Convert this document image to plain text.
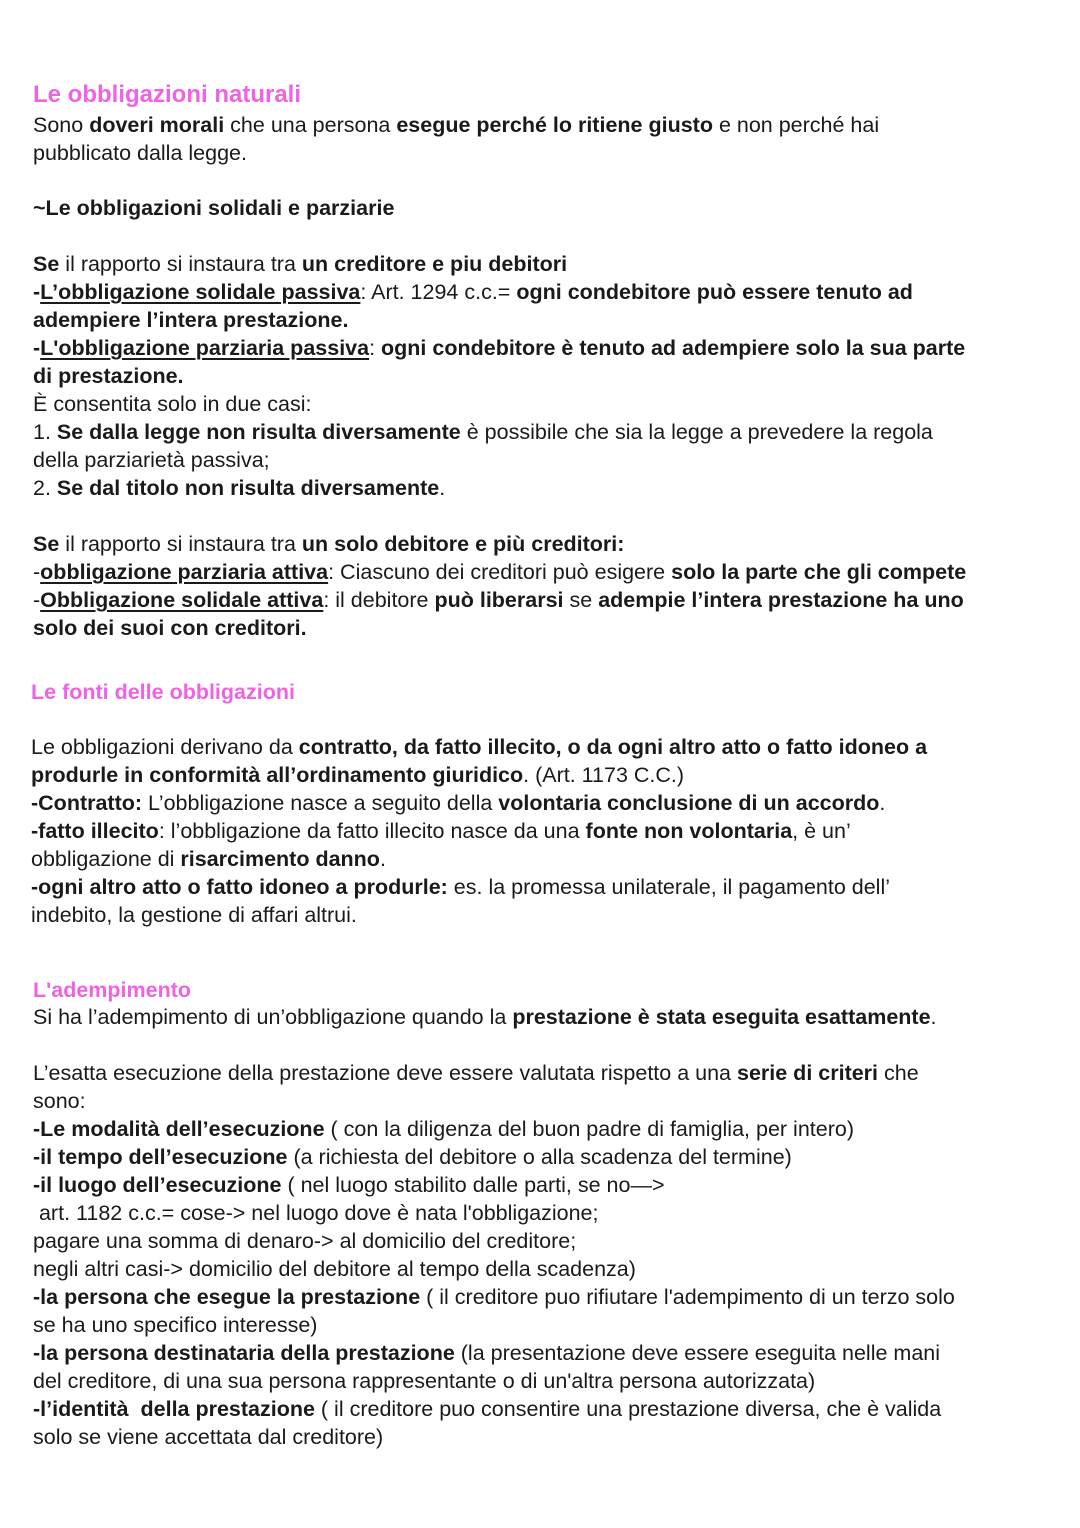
Le obbligazioni naturali
Sono doveri morali che una persona esegue perché lo ritiene giusto e non perché hai
pubblicato dalla legge.
~Le obbligazioni solidali e parziarie
Se il rapporto si instaura tra un creditore e piu debitori
-L’obbligazione solidale passiva: Art. 1294 c.c.= ogni condebitore può essere tenuto ad
adempiere l’intera prestazione.
-L'obbligazione parziaria passiva: ogni condebitore è tenuto ad adempiere solo la sua parte
di prestazione.
È consentita solo in due casi:
1. Se dalla legge non risulta diversamente è possibile che sia la legge a prevedere la regola
della parziarietà passiva;
2. Se dal titolo non risulta diversamente.
Se il rapporto si instaura tra un solo debitore e più creditori:
-obbligazione parziaria attiva: Ciascuno dei creditori può esigere solo la parte che gli compete
-Obbligazione solidale attiva: il debitore può liberarsi se adempie l’intera prestazione ha uno
solo dei suoi con creditori.
Le fonti delle obbligazioni
Le obbligazioni derivano da contratto, da fatto illecito, o da ogni altro atto o fatto idoneo a
produrle in conformità all’ordinamento giuridico. (Art. 1173 C.C.)
-Contratto: L’obbligazione nasce a seguito della volontaria conclusione di un accordo.
-fatto illecito: l’obbligazione da fatto illecito nasce da una fonte non volontaria, è un’
obbligazione di risarcimento danno.
-ogni altro atto o fatto idoneo a produrle: es. la promessa unilaterale, il pagamento dell’
indebito, la gestione di affari altrui.
L'adempimento
Si ha l’adempimento di un’obbligazione quando la prestazione è stata eseguita esattamente.
L’esatta esecuzione della prestazione deve essere valutata rispetto a una serie di criteri che
sono:
-Le modalità dell’esecuzione ( con la diligenza del buon padre di famiglia, per intero)
-il tempo dell’esecuzione (a richiesta del debitore o alla scadenza del termine)
-il luogo dell’esecuzione ( nel luogo stabilito dalle parti, se no—>
art. 1182 c.c.= cose-> nel luogo dove è nata l'obbligazione;
pagare una somma di denaro-> al domicilio del creditore;
negli altri casi-> domicilio del debitore al tempo della scadenza)
-la persona che esegue la prestazione ( il creditore puo rifiutare l'adempimento di un terzo solo
se ha uno specifico interesse)
-la persona destinataria della prestazione (la presentazione deve essere eseguita nelle mani
del creditore, di una sua persona rappresentante o di un'altra persona autorizzata)
-l’identità  della prestazione ( il creditore puo consentire una prestazione diversa, che è valida
solo se viene accettata dal creditore)
